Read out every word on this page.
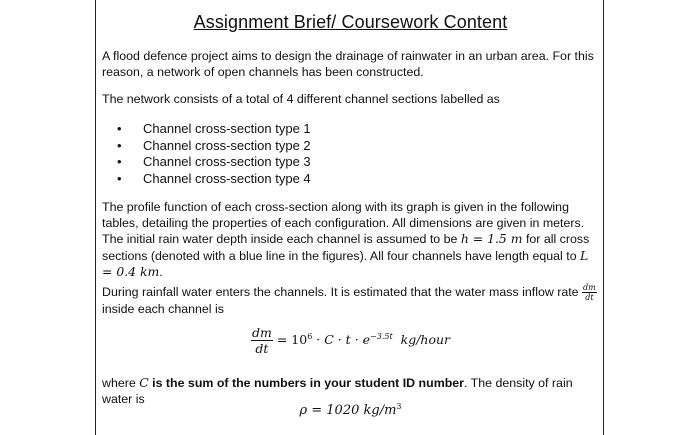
Assignment Brief/ Coursework Content
A flood defence project aims to design the drainage of rainwater in an urban area. For this reason, a network of open channels has been constructed.
The network consists of a total of 4 different channel sections labelled as
• Channel cross-section type 1
• Channel cross-section type 2
• Channel cross-section type 3
• Channel cross-section type 4
The profile function of each cross-section along with its graph is given in the following tables, detailing the properties of each configuration. All dimensions are given in meters. The initial rain water depth inside each channel is assumed to be h = 1.5 m for all cross sections (denoted with a blue line in the figures). All four channels have length equal to L = 0.4 km.
During rainfall water enters the channels. It is estimated that the water mass inflow rate $\frac{dm}{dt}$

inside each channel is
$\frac{dm}{dt} = 10^6 \cdot C \cdot t \cdot e^{-3.5t}$ kg/hour
where C is the sum of the numbers in your student ID number. The density of rain water is
ρ = 1020 $kg/m^3$
